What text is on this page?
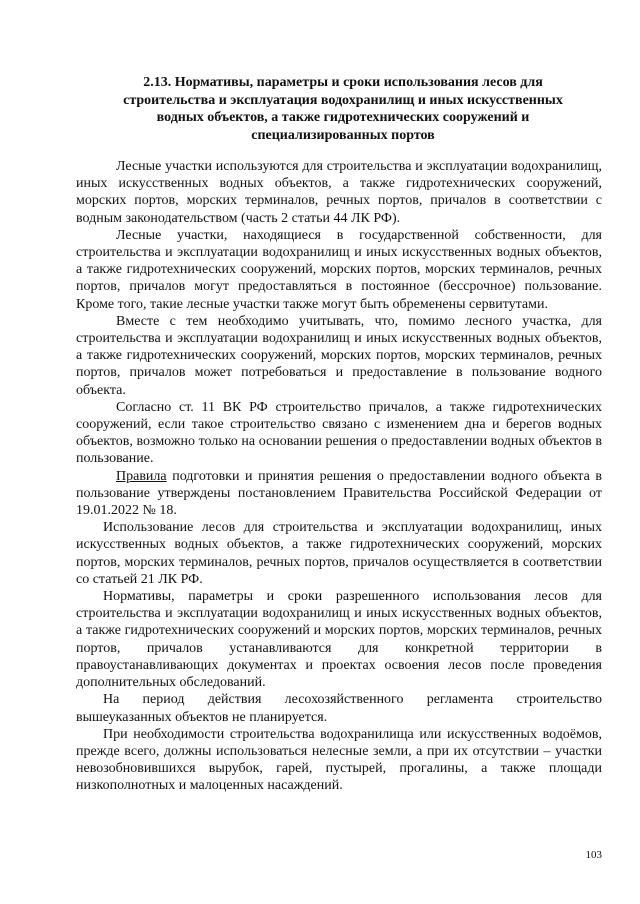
2.13. Нормативы, параметры и сроки использования лесов для
строительства и эксплуатация водохранилищ и иных искусственных
водных объектов, а также гидротехнических сооружений и
специализированных портов

Лесные участки используются для строительства и эксплуатации водохранилищ, иных искусственных водных объектов, а также гидротехнических сооружений, морских портов, морских терминалов, речных портов, причалов в соответствии с водным законодательством (часть 2 статьи 44 ЛК РФ).

Лесные участки, находящиеся в государственной собственности, для строительства и эксплуатации водохранилищ и иных искусственных водных объектов, а также гидротехнических сооружений, морских портов, морских терминалов, речных портов, причалов могут предоставляться в постоянное (бессрочное) пользование. Кроме того, такие лесные участки также могут быть обременены сервитутами.

Вместе с тем необходимо учитывать, что, помимо лесного участка, для строительства и эксплуатации водохранилищ и иных искусственных водных объектов, а также гидротехнических сооружений, морских портов, морских терминалов, речных портов, причалов может потребоваться и предоставление в пользование водного объекта.

Согласно ст. 11 ВК РФ строительство причалов, а также гидротехнических сооружений, если такое строительство связано с изменением дна и берегов водных объектов, возможно только на основании решения о предоставлении водных объектов в пользование.

Правила подготовки и принятия решения о предоставлении водного объекта в пользование утверждены постановлением Правительства Российской Федерации от 19.01.2022 № 18.

Использование лесов для строительства и эксплуатации водохранилищ, иных искусственных водных объектов, а также гидротехнических сооружений, морских портов, морских терминалов, речных портов, причалов осуществляется в соответствии со статьей 21 ЛК РФ.

Нормативы, параметры и сроки разрешенного использования лесов для строительства и эксплуатации водохранилищ и иных искусственных водных объектов, а также гидротехнических сооружений и морских портов, морских терминалов, речных портов, причалов устанавливаются для конкретной территории в правоустанавливающих документах и проектах освоения лесов после проведения дополнительных обследований.

На период действия лесохозяйственного регламента строительство вышеуказанных объектов не планируется.

При необходимости строительства водохранилища или искусственных водоёмов, прежде всего, должны использоваться нелесные земли, а при их отсутствии – участки невозобновившихся вырубок, гарей, пустырей, прогалины, а также площади низкополнотных и малоценных насаждений.

103
